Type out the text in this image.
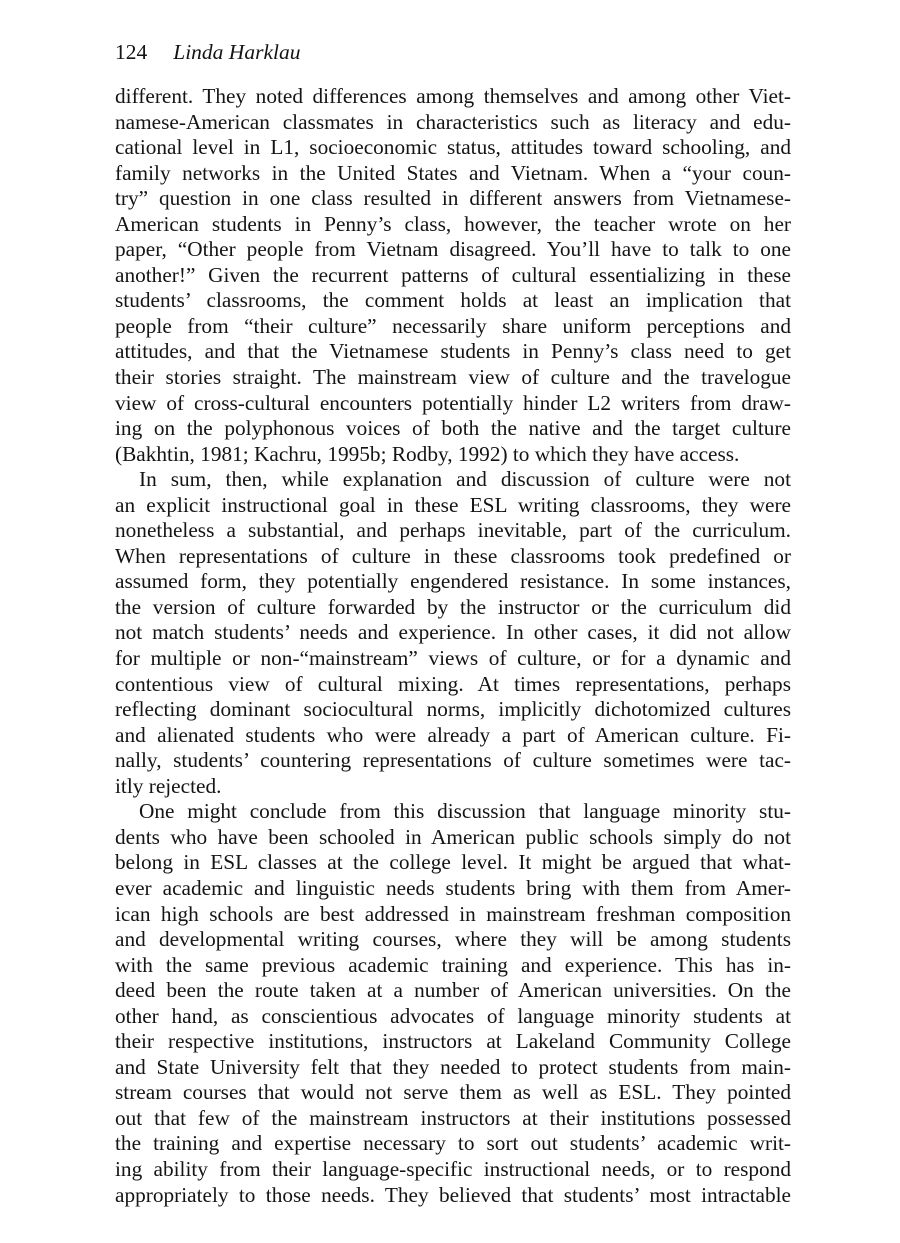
124 Linda Harklau
different. They noted differences among themselves and among other Viet-
namese-American classmates in characteristics such as literacy and edu-
cational level in L1, socioeconomic status, attitudes toward schooling, and
family networks in the United States and Vietnam. When a “your coun-
try” question in one class resulted in different answers from Vietnamese-
American students in Penny’s class, however, the teacher wrote on her
paper, “Other people from Vietnam disagreed. You’ll have to talk to one
another!” Given the recurrent patterns of cultural essentializing in these
students’ classrooms, the comment holds at least an implication that
people from “their culture” necessarily share uniform perceptions and
attitudes, and that the Vietnamese students in Penny’s class need to get
their stories straight. The mainstream view of culture and the travelogue
view of cross-cultural encounters potentially hinder L2 writers from draw-
ing on the polyphonous voices of both the native and the target culture
(Bakhtin, 1981; Kachru, 1995b; Rodby, 1992) to which they have access.
In sum, then, while explanation and discussion of culture were not
an explicit instructional goal in these ESL writing classrooms, they were
nonetheless a substantial, and perhaps inevitable, part of the curriculum.
When representations of culture in these classrooms took predefined or
assumed form, they potentially engendered resistance. In some instances,
the version of culture forwarded by the instructor or the curriculum did
not match students’ needs and experience. In other cases, it did not allow
for multiple or non-“mainstream” views of culture, or for a dynamic and
contentious view of cultural mixing. At times representations, perhaps
reflecting dominant sociocultural norms, implicitly dichotomized cultures
and alienated students who were already a part of American culture. Fi-
nally, students’ countering representations of culture sometimes were tac-
itly rejected.
One might conclude from this discussion that language minority stu-
dents who have been schooled in American public schools simply do not
belong in ESL classes at the college level. It might be argued that what-
ever academic and linguistic needs students bring with them from Amer-
ican high schools are best addressed in mainstream freshman composition
and developmental writing courses, where they will be among students
with the same previous academic training and experience. This has in-
deed been the route taken at a number of American universities. On the
other hand, as conscientious advocates of language minority students at
their respective institutions, instructors at Lakeland Community College
and State University felt that they needed to protect students from main-
stream courses that would not serve them as well as ESL. They pointed
out that few of the mainstream instructors at their institutions possessed
the training and expertise necessary to sort out students’ academic writ-
ing ability from their language-specific instructional needs, or to respond
appropriately to those needs. They believed that students’ most intractable
